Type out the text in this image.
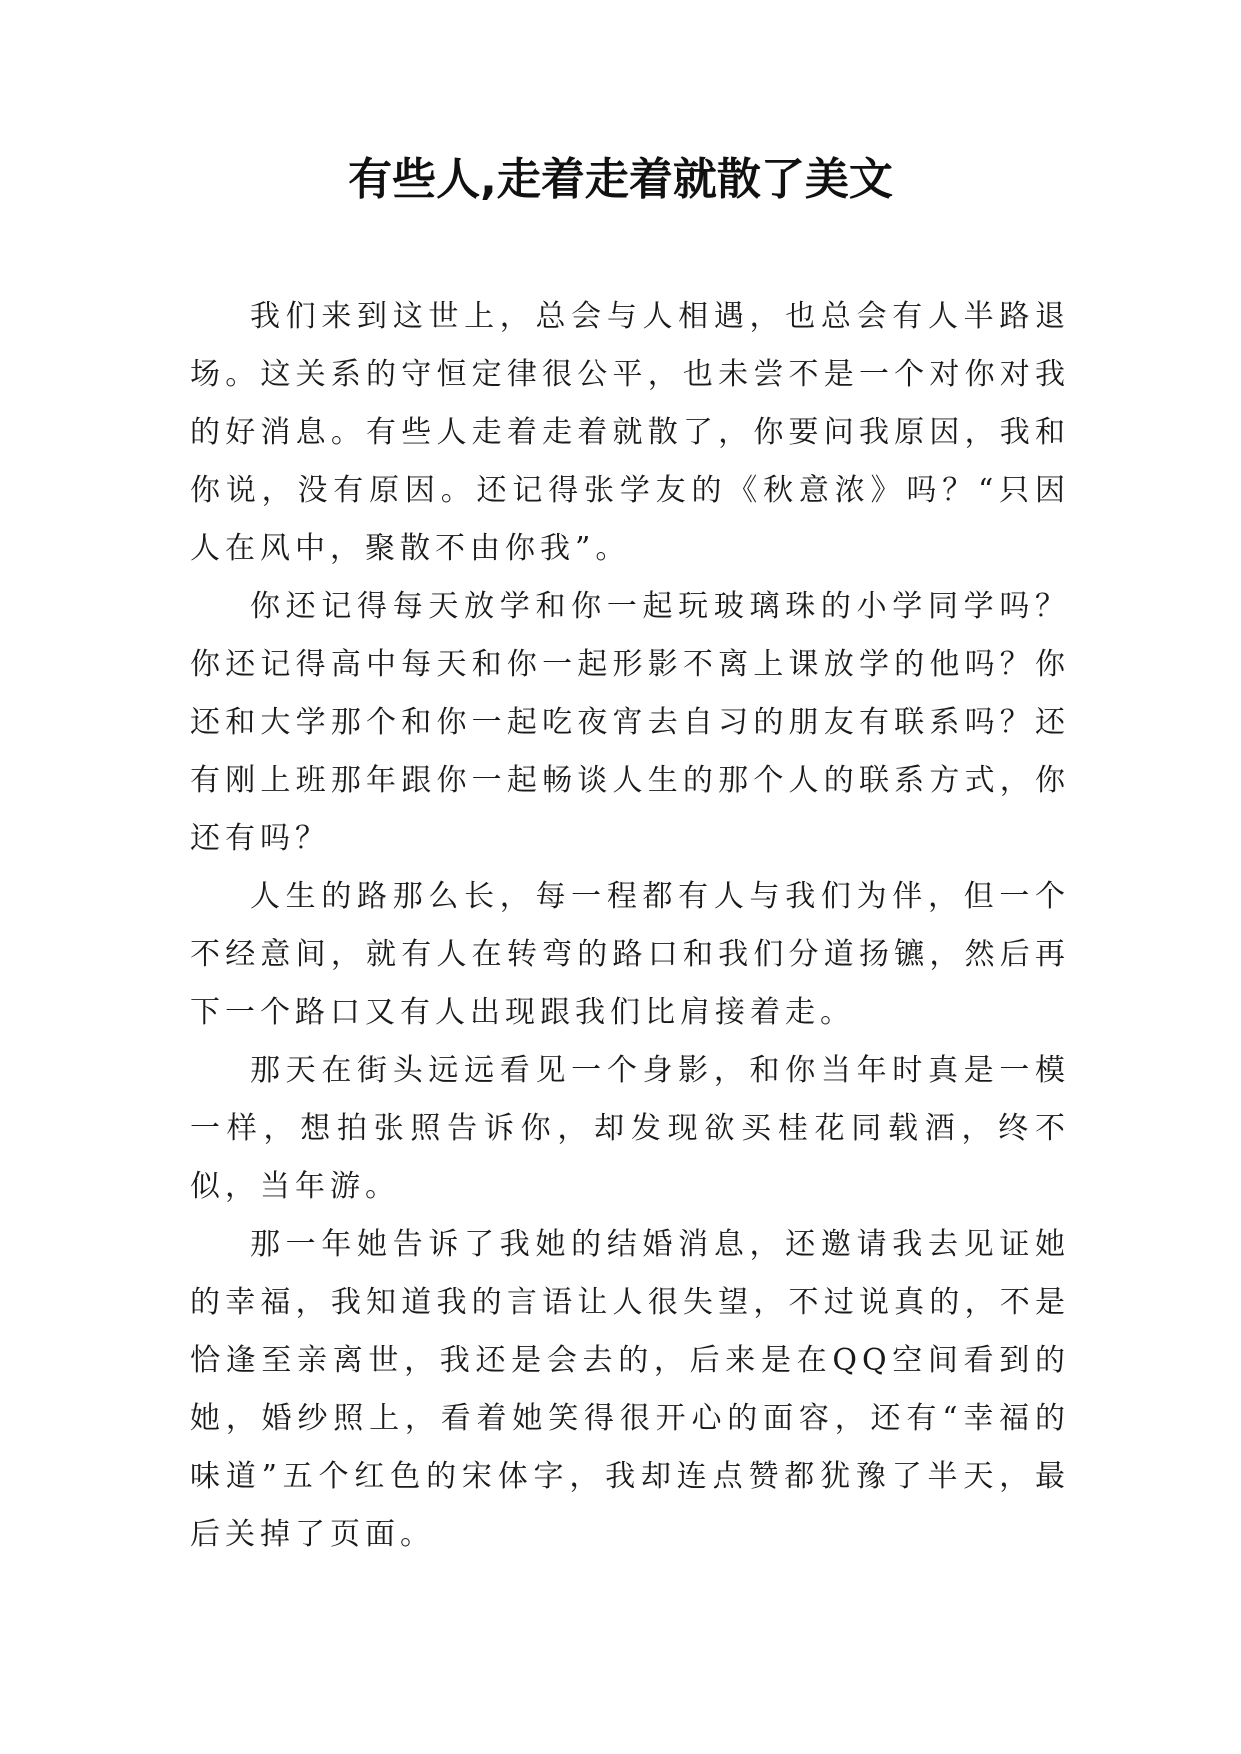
有些人,走着走着就散了美文

我们来到这世上，总会与人相遇，也总会有人半路退场。这关系的守恒定律很公平，也未尝不是一个对你对我的好消息。有些人走着走着就散了，你要问我原因，我和你说，没有原因。还记得张学友的《秋意浓》吗？“只因人在风中，聚散不由你我”。

你还记得每天放学和你一起玩玻璃珠的小学同学吗？你还记得高中每天和你一起形影不离上课放学的他吗？你还和大学那个和你一起吃夜宵去自习的朋友有联系吗？还有刚上班那年跟你一起畅谈人生的那个人的联系方式，你还有吗？

人生的路那么长，每一程都有人与我们为伴，但一个不经意间，就有人在转弯的路口和我们分道扬镳，然后再下一个路口又有人出现跟我们比肩接着走。

那天在街头远远看见一个身影，和你当年时真是一模一样，想拍张照告诉你，却发现欲买桂花同载酒，终不似，当年游。

那一年她告诉了我她的结婚消息，还邀请我去见证她的幸福，我知道我的言语让人很失望，不过说真的，不是恰逢至亲离世，我还是会去的，后来是在QQ空间看到的她，婚纱照上，看着她笑得很开心的面容，还有“幸福的味道”五个红色的宋体字，我却连点赞都犹豫了半天，最后关掉了页面。
